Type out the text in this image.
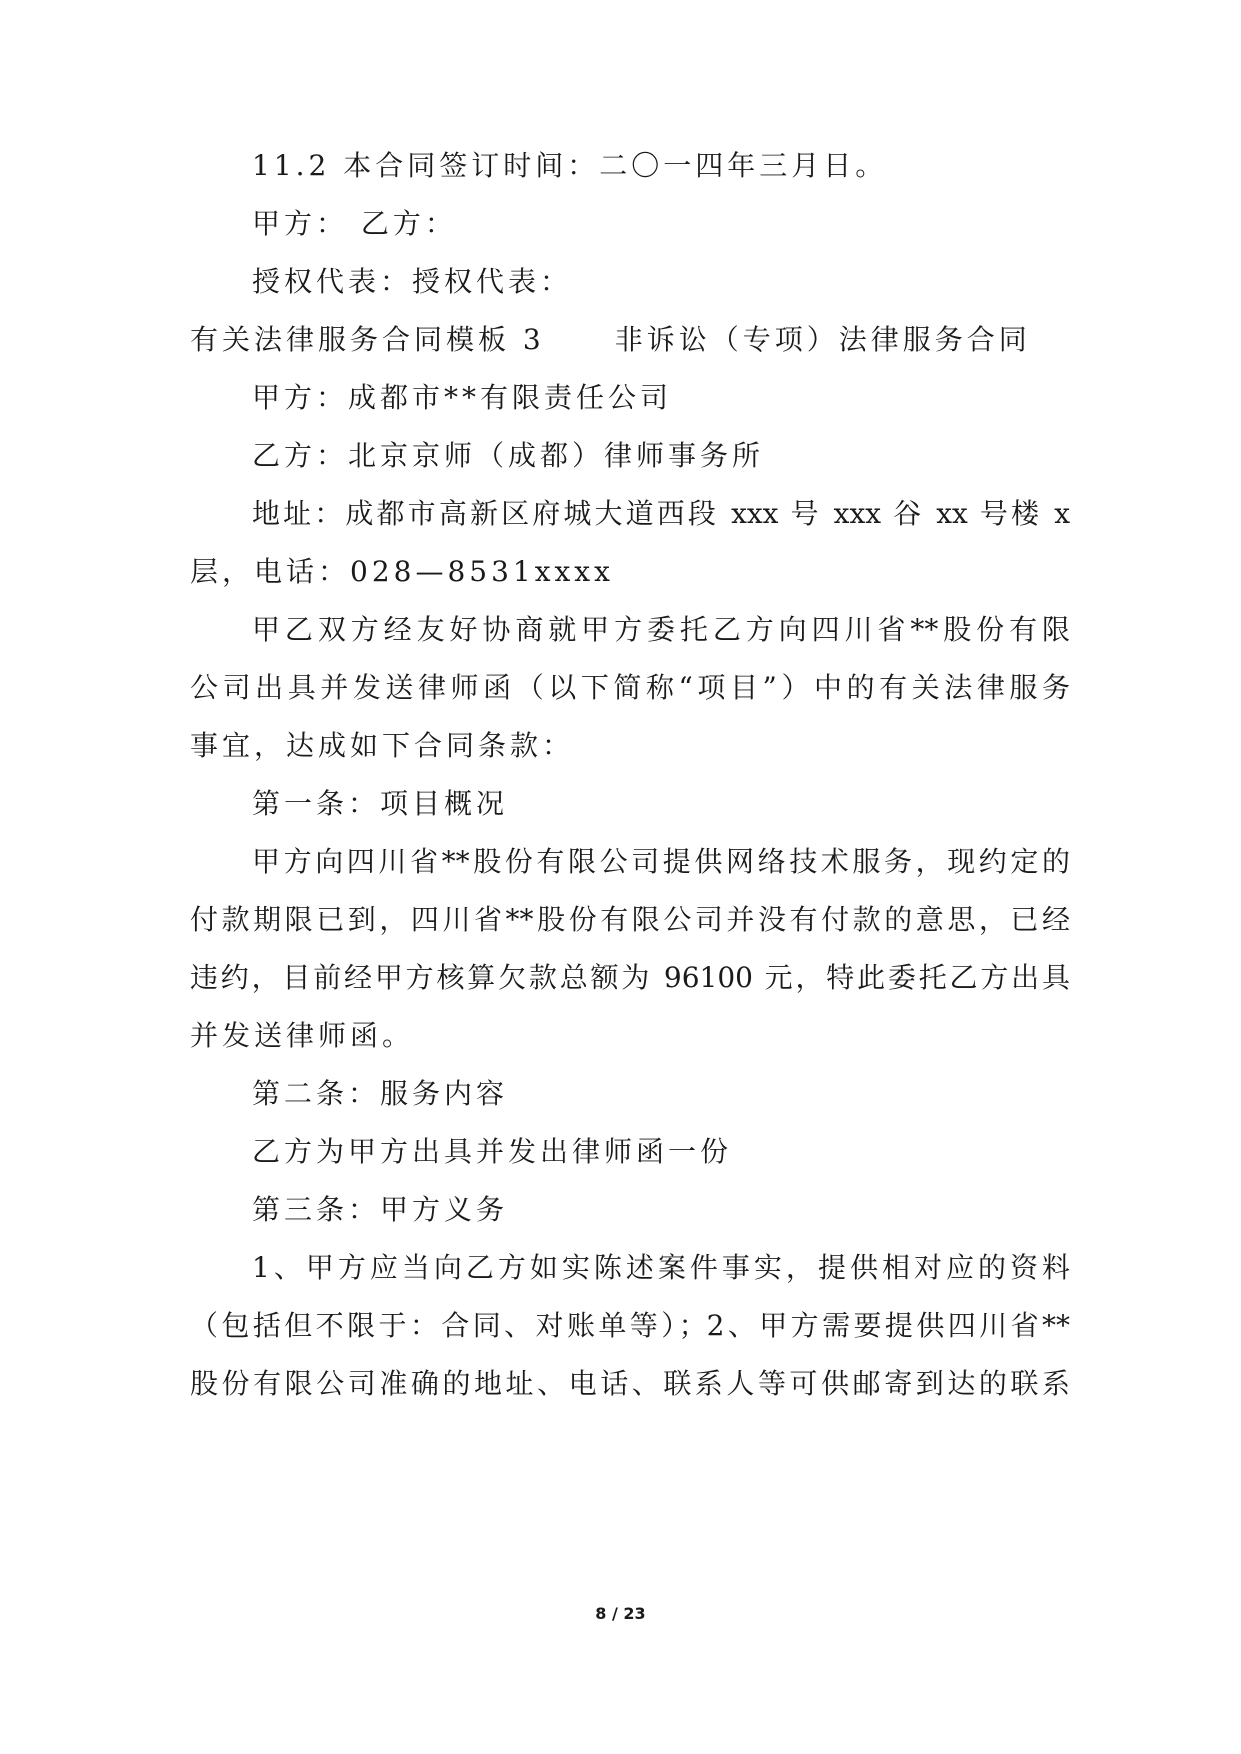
11.2 本合同签订时间：二〇一四年三月日。
甲方： 乙方：
授权代表：授权代表：
有关法律服务合同模板 3	非诉讼（专项）法律服务合同
甲方：成都市**有限责任公司
乙方：北京京师（成都）律师事务所
地址：成都市高新区府城大道西段 xxx 号 xxx 谷 xx 号楼 x
层，电话：028—8531xxxx
甲乙双方经友好协商就甲方委托乙方向四川省**股份有限
公司出具并发送律师函（以下简称“项目”）中的有关法律服务
事宜，达成如下合同条款：
第一条：项目概况
甲方向四川省**股份有限公司提供网络技术服务，现约定的
付款期限已到，四川省**股份有限公司并没有付款的意思，已经
违约，目前经甲方核算欠款总额为 96100 元，特此委托乙方出具
并发送律师函。
第二条：服务内容
乙方为甲方出具并发出律师函一份
第三条：甲方义务
1、甲方应当向乙方如实陈述案件事实，提供相对应的资料
（包括但不限于：合同、对账单等）；2、甲方需要提供四川省**
股份有限公司准确的地址、电话、联系人等可供邮寄到达的联系
8 / 23
